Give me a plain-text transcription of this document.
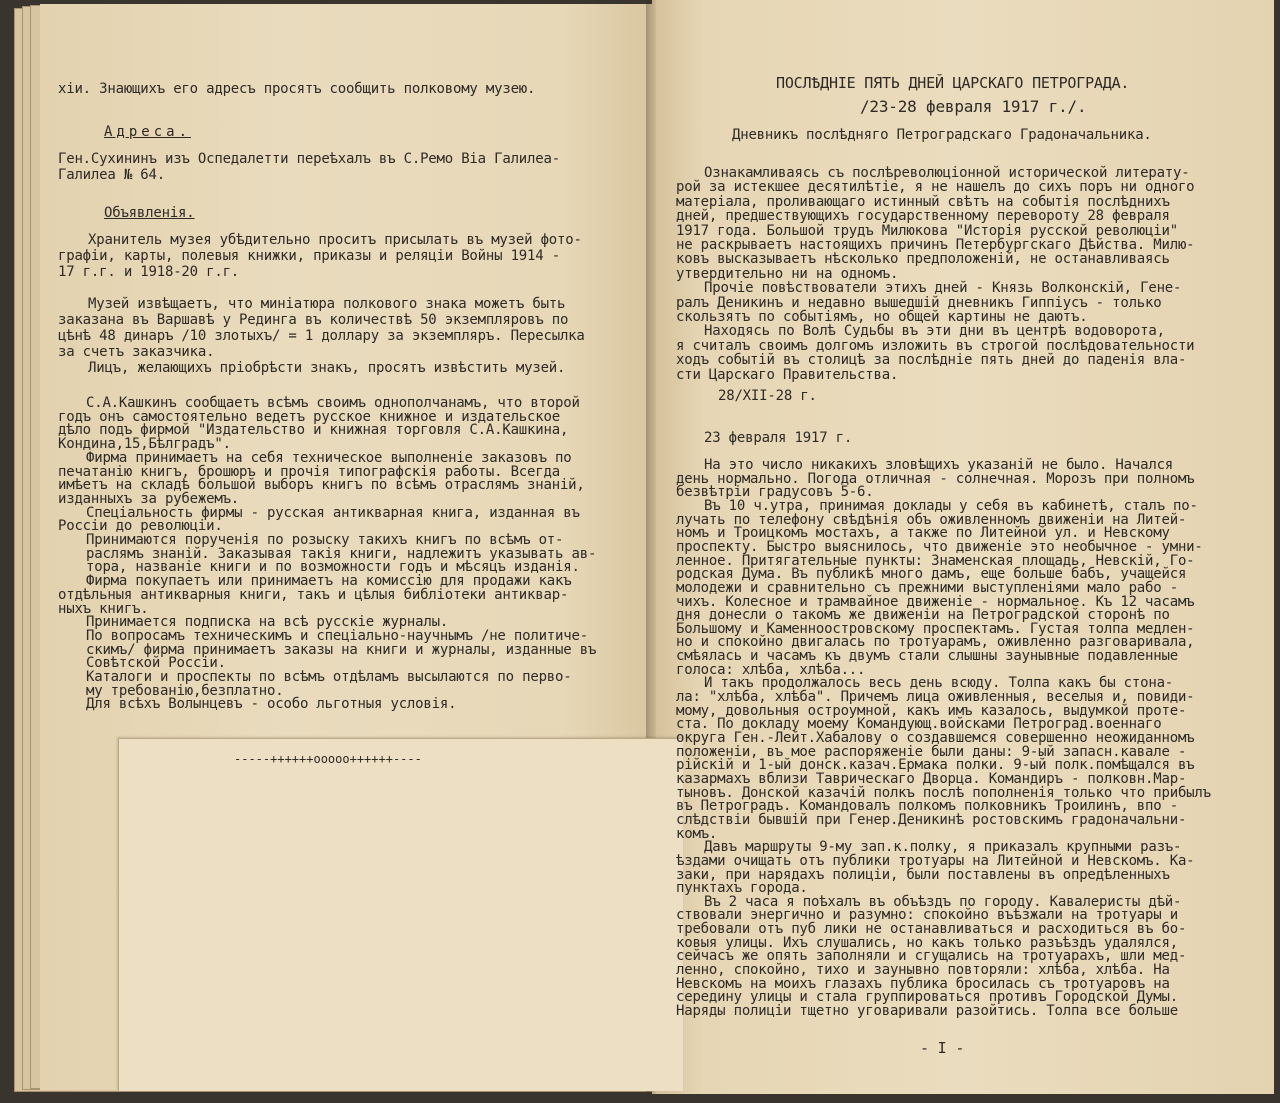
хіи. Знающихъ его адресъ просятъ сообщить полковому музею.
Адреса.
Ген.Сухининъ изъ Оспедалетти переѣхалъ въ С.Ремо Віа Галилеа-
Галилеа № 64.
Объявленія.
Хранитель музея убѣдительно проситъ присылать въ музей фото-
графіи, карты, полевыя книжки, приказы и реляціи Войны 1914 -
17 г.г. и 1918-20 г.г.
Музей извѣщаетъ, что миніатюра полкового знака можетъ быть
заказана въ Варшавѣ у Рединга въ количествѣ 50 экземпляровъ по
цѣнѣ 48 динаръ /10 злотыхъ/ = 1 доллару за экземпляръ. Пересылка
за счетъ заказчика.
Лицъ, желающихъ пріобрѣсти знакъ, просятъ извѣстить музей.
С.А.Кашкинъ сообщаетъ всѣмъ своимъ однополчанамъ, что второй
годъ онъ самостоятельно ведетъ русское книжное и издательское
дѣло подъ фирмой "Издательство и книжная торговля С.А.Кашкина,
Кондина,15,Бѣлградъ".
Фирма принимаетъ на себя техническое выполненіе заказовъ по
печатанію книгъ, брошюръ и прочія типографскія работы. Всегда
имѣетъ на складѣ большой выборъ книгъ по всѣмъ отраслямъ знаній,
изданныхъ за рубежемъ.
Спеціальность фирмы - русская антикварная книга, изданная въ
Россіи до революціи.
Принимаются порученія по розыску такихъ книгъ по всѣмъ от-
раслямъ знаній. Заказывая такія книги, надлежитъ указывать ав-
тора, названіе книги и по возможности годъ и мѣсяцъ изданія.
Фирма покупаетъ или принимаетъ на комиссію для продажи какъ
отдѣльныя антикварныя книги, такъ и цѣлыя библіотеки антиквар-
ныхъ книгъ.
Принимается подписка на всѣ русскіе журналы.
По вопросамъ техническимъ и спеціально-научнымъ /не политиче-
скимъ/ фирма принимаетъ заказы на книги и журналы, изданные въ
Совѣтской Россіи.
Каталоги и проспекты по всѣмъ отдѣламъ высылаются по перво-
му требованію,безплатно.
Для всѣхъ Волынцевъ - особо льготныя условія.
-----++++++ооооо++++++----
ПОСЛѢДНІЕ ПЯТЬ ДНЕЙ ЦАРСКАГО ПЕТРОГРАДА.
/23-28 февраля 1917 г./.
Дневникъ послѣдняго Петроградскаго Градоначальника.
Ознакамливаясь съ послѣреволюціонной исторической литерату-
рой за истекшее десятилѣтіе, я не нашелъ до сихъ поръ ни одного
матеріала, проливающаго истинный свѣтъ на событія послѣднихъ
дней, предшествующихъ государственному перевороту 28 февраля
1917 года. Большой трудъ Милюкова "Исторія русской революціи"
не раскрываетъ настоящихъ причинъ Петербургскаго Дѣйства. Милю-
ковъ высказываетъ нѣсколько предположеній, не останавливаясь
утвердительно ни на одномъ.
Прочіе повѣствователи этихъ дней - Князь Волконскій, Гене-
ралъ Деникинъ и недавно вышедшій дневникъ Гиппіусъ - только
скользятъ по событіямъ, но общей картины не даютъ.
Находясь по Волѣ Судьбы въ эти дни въ центрѣ водоворота,
я считалъ своимъ долгомъ изложить въ строгой послѣдовательности
ходъ событій въ столицѣ за послѣдніе пять дней до паденія вла-
сти Царскаго Правительства.
28/XII-28 г.
23 февраля 1917 г.
На это число никакихъ зловѣщихъ указаній не было. Начался
день нормально. Погода отличная - солнечная. Морозъ при полномъ
безвѣтріи градусовъ 5-6.
Въ 10 ч.утра, принимая доклады у себя въ кабинетѣ, сталъ по-
лучать по телефону свѣдѣнія объ оживленномъ движеніи на Литей-
номъ и Троицкомъ мостахъ, а также по Литейной ул. и Невскому
проспекту. Быстро выяснилось, что движеніе это необычное - умни-
ленное. Притягательные пункты: Знаменская площадь, Невскій, Го-
родская Дума. Въ публикѣ много дамъ, еще больше бабъ, учащейся
молодежи и сравнительно съ прежними выступленіями мало рабо -
чихъ. Колесное и трамвайное движеніе - нормальное. Къ 12 часамъ
дня донесли о такомъ же движеніи на Петроградской сторонѣ по
Большому и Каменноостровскому проспектамъ. Густая толпа медлен-
но и спокойно двигалась по тротуарамъ, оживленно разговаривала,
смѣялась и часамъ къ двумъ стали слышны заунывные подавленные
голоса: хлѣба, хлѣба...
И такъ продолжалось весь день всюду. Толпа какъ бы стона-
ла: "хлѣба, хлѣба". Причемъ лица оживленныя, веселыя и, повиди-
мому, довольныя остроумной, какъ имъ казалось, выдумкой проте-
ста. По докладу моему Командующ.войсками Петроград.военнаго
округа Ген.-Лейт.Хабалову о создавшемся совершенно неожиданномъ
положеніи, въ мое распоряженіе были даны: 9-ый запасн.кавале -
рійскій и 1-ый донск.казач.Ермака полки. 9-ый полк.помѣщался въ
казармахъ вблизи Таврическаго Дворца. Командиръ - полковн.Мар-
тыновъ. Донской казачій полкъ послѣ пополненія только что прибылъ
въ Петроградъ. Командовалъ полкомъ полковникъ Троилинъ, впо -
слѣдствіи бывшій при Генер.Деникинѣ ростовскимъ градоначальни-
комъ.
Давъ маршруты 9-му зап.к.полку, я приказалъ крупными разъ-
ѣздами очищать отъ публики тротуары на Литейной и Невскомъ. Ка-
заки, при нарядахъ полиціи, были поставлены въ опредѣленныхъ
пунктахъ города.
Въ 2 часа я поѣхалъ въ объѣздъ по городу. Кавалеристы дѣй-
ствовали энергично и разумно: спокойно въѣзжали на тротуары и
требовали отъ пуб лики не останавливаться и расходиться въ бо-
ковыя улицы. Ихъ слушались, но какъ только разъѣздъ удалялся,
сейчасъ же опять заполняли и сгущались на тротуарахъ, шли мед-
ленно, спокойно, тихо и заунывно повторяли: хлѣба, хлѣба. На
Невскомъ на моихъ глазахъ публика бросилась съ тротуаровъ на
середину улицы и стала группироваться противъ Городской Думы.
Наряды полиціи тщетно уговаривали разойтись. Толпа все больше
- I -
